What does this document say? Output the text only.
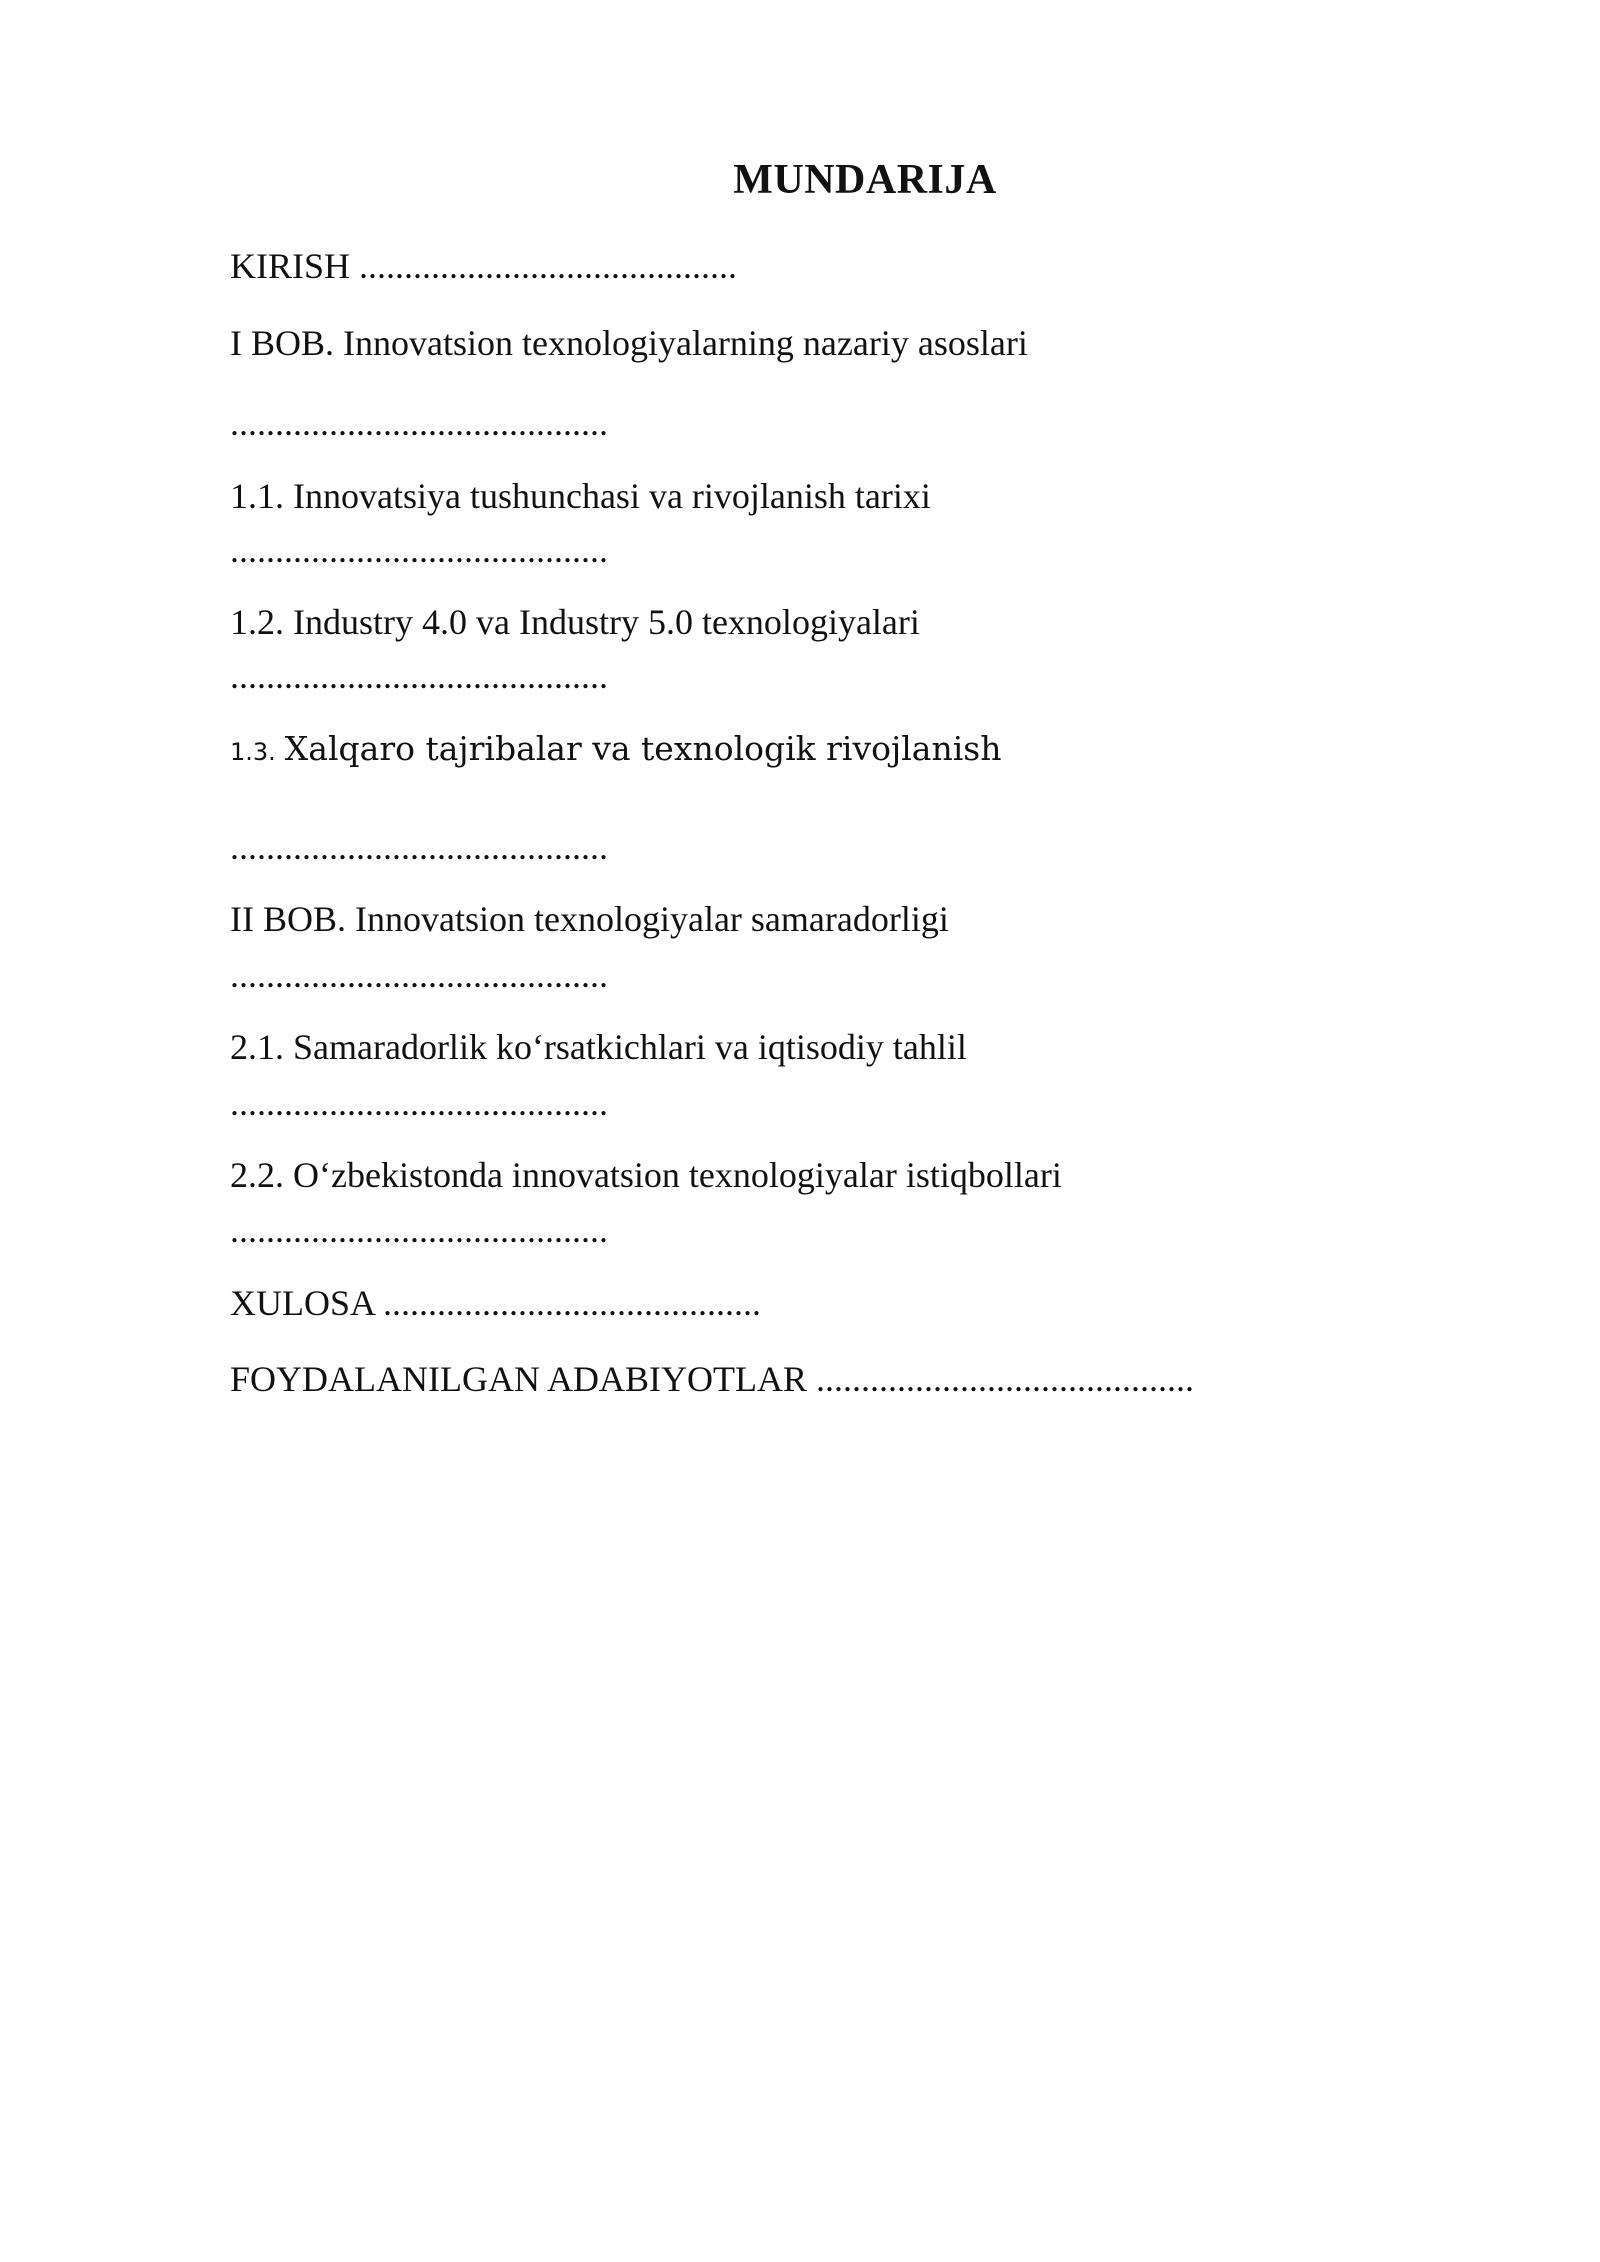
MUNDARIJA
KIRISH ..........................................
I BOB. Innovatsion texnologiyalarning nazariy asoslari
..........................................
1.1. Innovatsiya tushunchasi va rivojlanish tarixi
..........................................
1.2. Industry 4.0 va Industry 5.0 texnologiyalari
..........................................
1.3. Xalqaro tajribalar va texnologik rivojlanish
..........................................
II BOB. Innovatsion texnologiyalar samaradorligi
..........................................
2.1. Samaradorlik ko‘rsatkichlari va iqtisodiy tahlil
..........................................
2.2. O‘zbekistonda innovatsion texnologiyalar istiqbollari
..........................................
XULOSA ..........................................
FOYDALANILGAN ADABIYOTLAR ..........................................
